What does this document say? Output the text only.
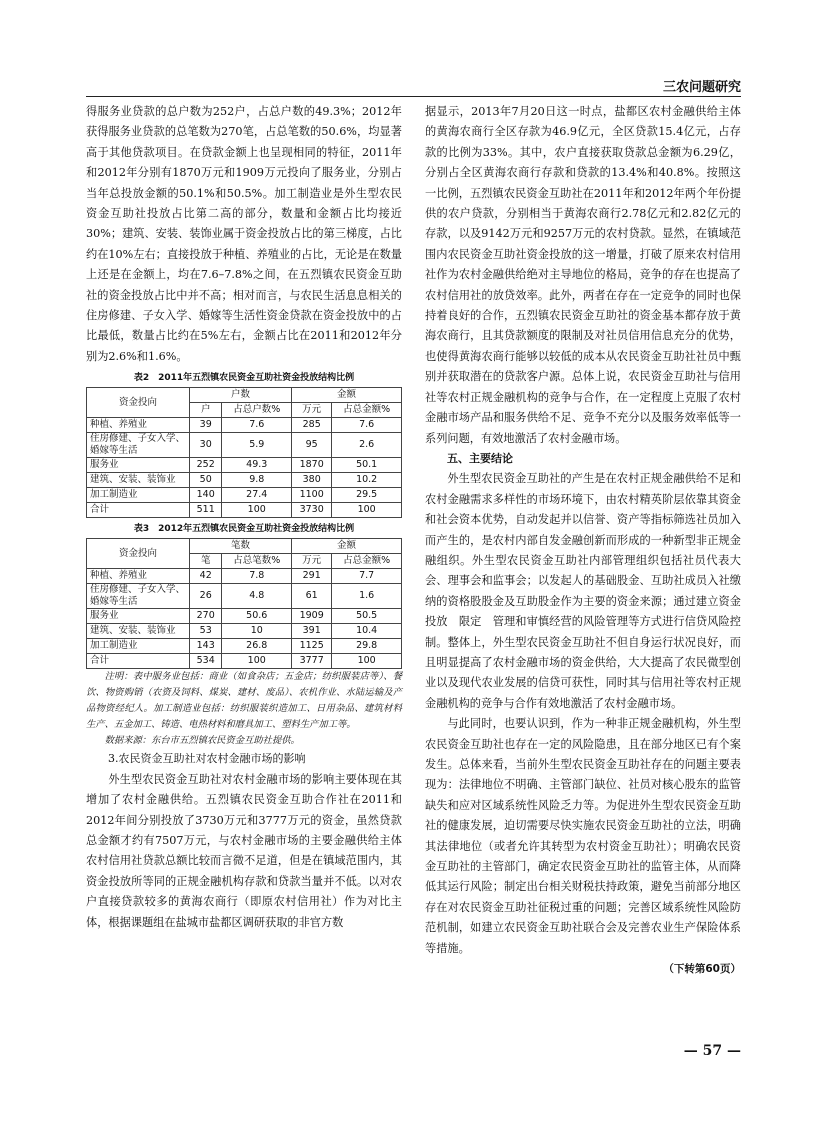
三农问题研究

得服务业贷款的总户数为252户，占总户数的49.3%；2012年获得服务业贷款的总笔数为270笔，占总笔数的50.6%，均显著高于其他贷款项目。在贷款金额上也呈现相同的特征，2011年和2012年分别有1870万元和1909万元投向了服务业，分别占当年总投放金额的50.1%和50.5%。加工制造业是外生型农民资金互助社投放占比第二高的部分，数量和金额占比均接近30%；建筑、安装、装饰业属于资金投放占比的第三梯度，占比约在10%左右；直接投放于种植、养殖业的占比，无论是在数量上还是在金额上，均在7.6–7.8%之间，在五烈镇农民资金互助社的资金投放占比中并不高；相对而言，与农民生活息息相关的住房修建、子女入学、婚嫁等生活性资金贷款在资金投放中的占比最低，数量占比约在5%左右，金额占比在2011和2012年分别为2.6%和1.6%。

表2　2011年五烈镇农民资金互助社资金投放结构比例
资金投向	户数		金额	
	户	占总户数%	万元	占总金额%
种植、养殖业	39	7.6	285	7.6
住房修建、子女入学、婚嫁等生活	30	5.9	95	2.6
服务业	252	49.3	1870	50.1
建筑、安装、装饰业	50	9.8	380	10.2
加工制造业	140	27.4	1100	29.5
合计	511	100	3730	100
表3　2012年五烈镇农民资金互助社资金投放结构比例
资金投向	笔数		金额	
	笔	占总笔数%	万元	占总金额%
种植、养殖业	42	7.8	291	7.7
住房修建、子女入学、婚嫁等生活	26	4.8	61	1.6
服务业	270	50.6	1909	50.5
建筑、安装、装饰业	53	10	391	10.4
加工制造业	143	26.8	1125	29.8
合计	534	100	3777	100

注明：表中服务业包括：商业（如食杂店；五金店；纺织服装店等）、餐饮、物资购销（农资及饲料、煤炭、建材、废品）、农机作业、水陆运输及产品物资经纪人。加工制造业包括：纺织服装织造加工、日用杂品、建筑材料生产、五金加工、铸造、电热材料和磨具加工、塑料生产加工等。

数据来源：东台市五烈镇农民资金互助社提供。

3.农民资金互助社对农村金融市场的影响

外生型农民资金互助社对农村金融市场的影响主要体现在其增加了农村金融供给。五烈镇农民资金互助合作社在2011和2012年间分别投放了3730万元和3777万元的资金，虽然贷款总金额才约有7507万元，与农村金融市场的主要金融供给主体　　农村信用社贷款总额比较而言微不足道，但是在镇域范围内，其资金投放所等同的正规金融机构存款和贷款当量并不低。以对农户直接贷款较多的黄海农商行（即原农村信用社）作为对比主体，根据课题组在盐城市盐都区调研获取的非官方数

据显示，2013年7月20日这一时点，盐都区农村金融供给主体的黄海农商行全区存款为46.9亿元，全区贷款15.4亿元，占存款的比例为33%。其中，农户直接获取贷款总金额为6.29亿，分别占全区黄海农商行存款和贷款的13.4%和40.8%。按照这一比例，五烈镇农民资金互助社在2011年和2012年两个年份提供的农户贷款，分别相当于黄海农商行2.78亿元和2.82亿元的存款，以及9142万元和9257万元的农村贷款。显然，在镇域范围内农民资金互助社资金投放的这一增量，打破了原来农村信用社作为农村金融供给绝对主导地位的格局，竞争的存在也提高了农村信用社的放贷效率。此外，两者在存在一定竞争的同时也保持着良好的合作，五烈镇农民资金互助社的资金基本都存放于黄海农商行，且其贷款额度的限制及对社员信用信息充分的优势，也使得黄海农商行能够以较低的成本从农民资金互助社社员中甄别并获取潜在的贷款客户源。总体上说，农民资金互助社与信用社等农村正规金融机构的竞争与合作，在一定程度上克服了农村金融市场产品和服务供给不足、竞争不充分以及服务效率低等一系列问题，有效地激活了农村金融市场。

五、主要结论

外生型农民资金互助社的产生是在农村正规金融供给不足和农村金融需求多样性的市场环境下，由农村精英阶层依靠其资金和社会资本优势，自动发起并以信誉、资产等指标筛选社员加入而产生的，是农村内部自发金融创新而形成的一种新型非正规金融组织。外生型农民资金互助社内部管理组织包括社员代表大会、理事会和监事会；以发起人的基础股金、互助社成员入社缴纳的资格股股金及互助股金作为主要的资金来源；通过建立资金投放　限定　管理和审慎经营的风险管理等方式进行信贷风险控制。整体上，外生型农民资金互助社不但自身运行状况良好，而且明显提高了农村金融市场的资金供给，大大提高了农民微型创业以及现代农业发展的信贷可获性，同时其与信用社等农村正规金融机构的竞争与合作有效地激活了农村金融市场。

与此同时，也要认识到，作为一种非正规金融机构，外生型农民资金互助社也存在一定的风险隐患，且在部分地区已有个案发生。总体来看，当前外生型农民资金互助社存在的问题主要表现为：法律地位不明确、主管部门缺位、社员对核心股东的监管缺失和应对区域系统性风险乏力等。为促进外生型农民资金互助社的健康发展，迫切需要尽快实施农民资金互助社的立法，明确其法律地位（或者允许其转型为农村资金互助社）；明确农民资金互助社的主管部门，确定农民资金互助社的监管主体，从而降低其运行风险；制定出台相关财税扶持政策，避免当前部分地区存在对农民资金互助社征税过重的问题；完善区域系统性风险防范机制，如建立农民资金互助社联合会及完善农业生产保险体系等措施。

（下转第60页）
— 57 —
